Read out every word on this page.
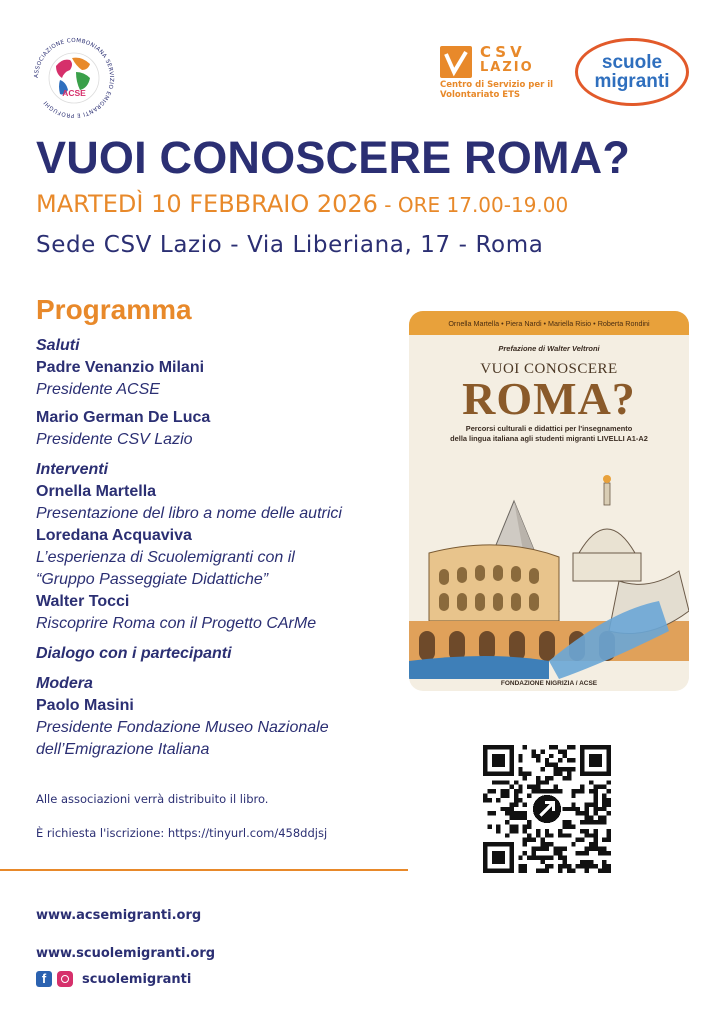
ASSOCIAZIONE COMBONIANA SERVIZIO EMIGRANTI E PROFUGHI
ACSE
CSV
LAZIO
Centro di Servizio per il Volontariato ETS
scuole
migranti
VUOI CONOSCERE ROMA?
MARTEDÌ 10 FEBBRAIO 2026 - ORE 17.00-19.00
Sede CSV Lazio - Via Liberiana, 17 - Roma
Programma
Saluti
Padre Venanzio Milani
Presidente ACSE
Mario German De Luca
Presidente CSV Lazio
Interventi
Ornella Martella
Presentazione del libro a nome delle autrici
Loredana Acquaviva
L’esperienza di Scuolemigranti con il
“Gruppo Passeggiate Didattiche”
Walter Tocci
Riscoprire Roma con il Progetto CArMe
Dialogo con i partecipanti
Modera
Paolo Masini
Presidente Fondazione Museo Nazionale
dell’Emigrazione Italiana
Alle associazioni verrà distribuito il libro.
È richiesta l'iscrizione: https://tinyurl.com/458ddjsj
www.acsemigranti.org
www.scuolemigranti.org
f	scuolemigranti
Ornella Martella • Piera Nardi • Mariella Risio • Roberta Rondini
Prefazione di Walter Veltroni
VUOI CONOSCERE
ROMA?
Percorsi culturali e didattici per l'insegnamento
della lingua italiana agli studenti migranti LIVELLI A1-A2
FONDAZIONE NIGRIZIA / ACSE
